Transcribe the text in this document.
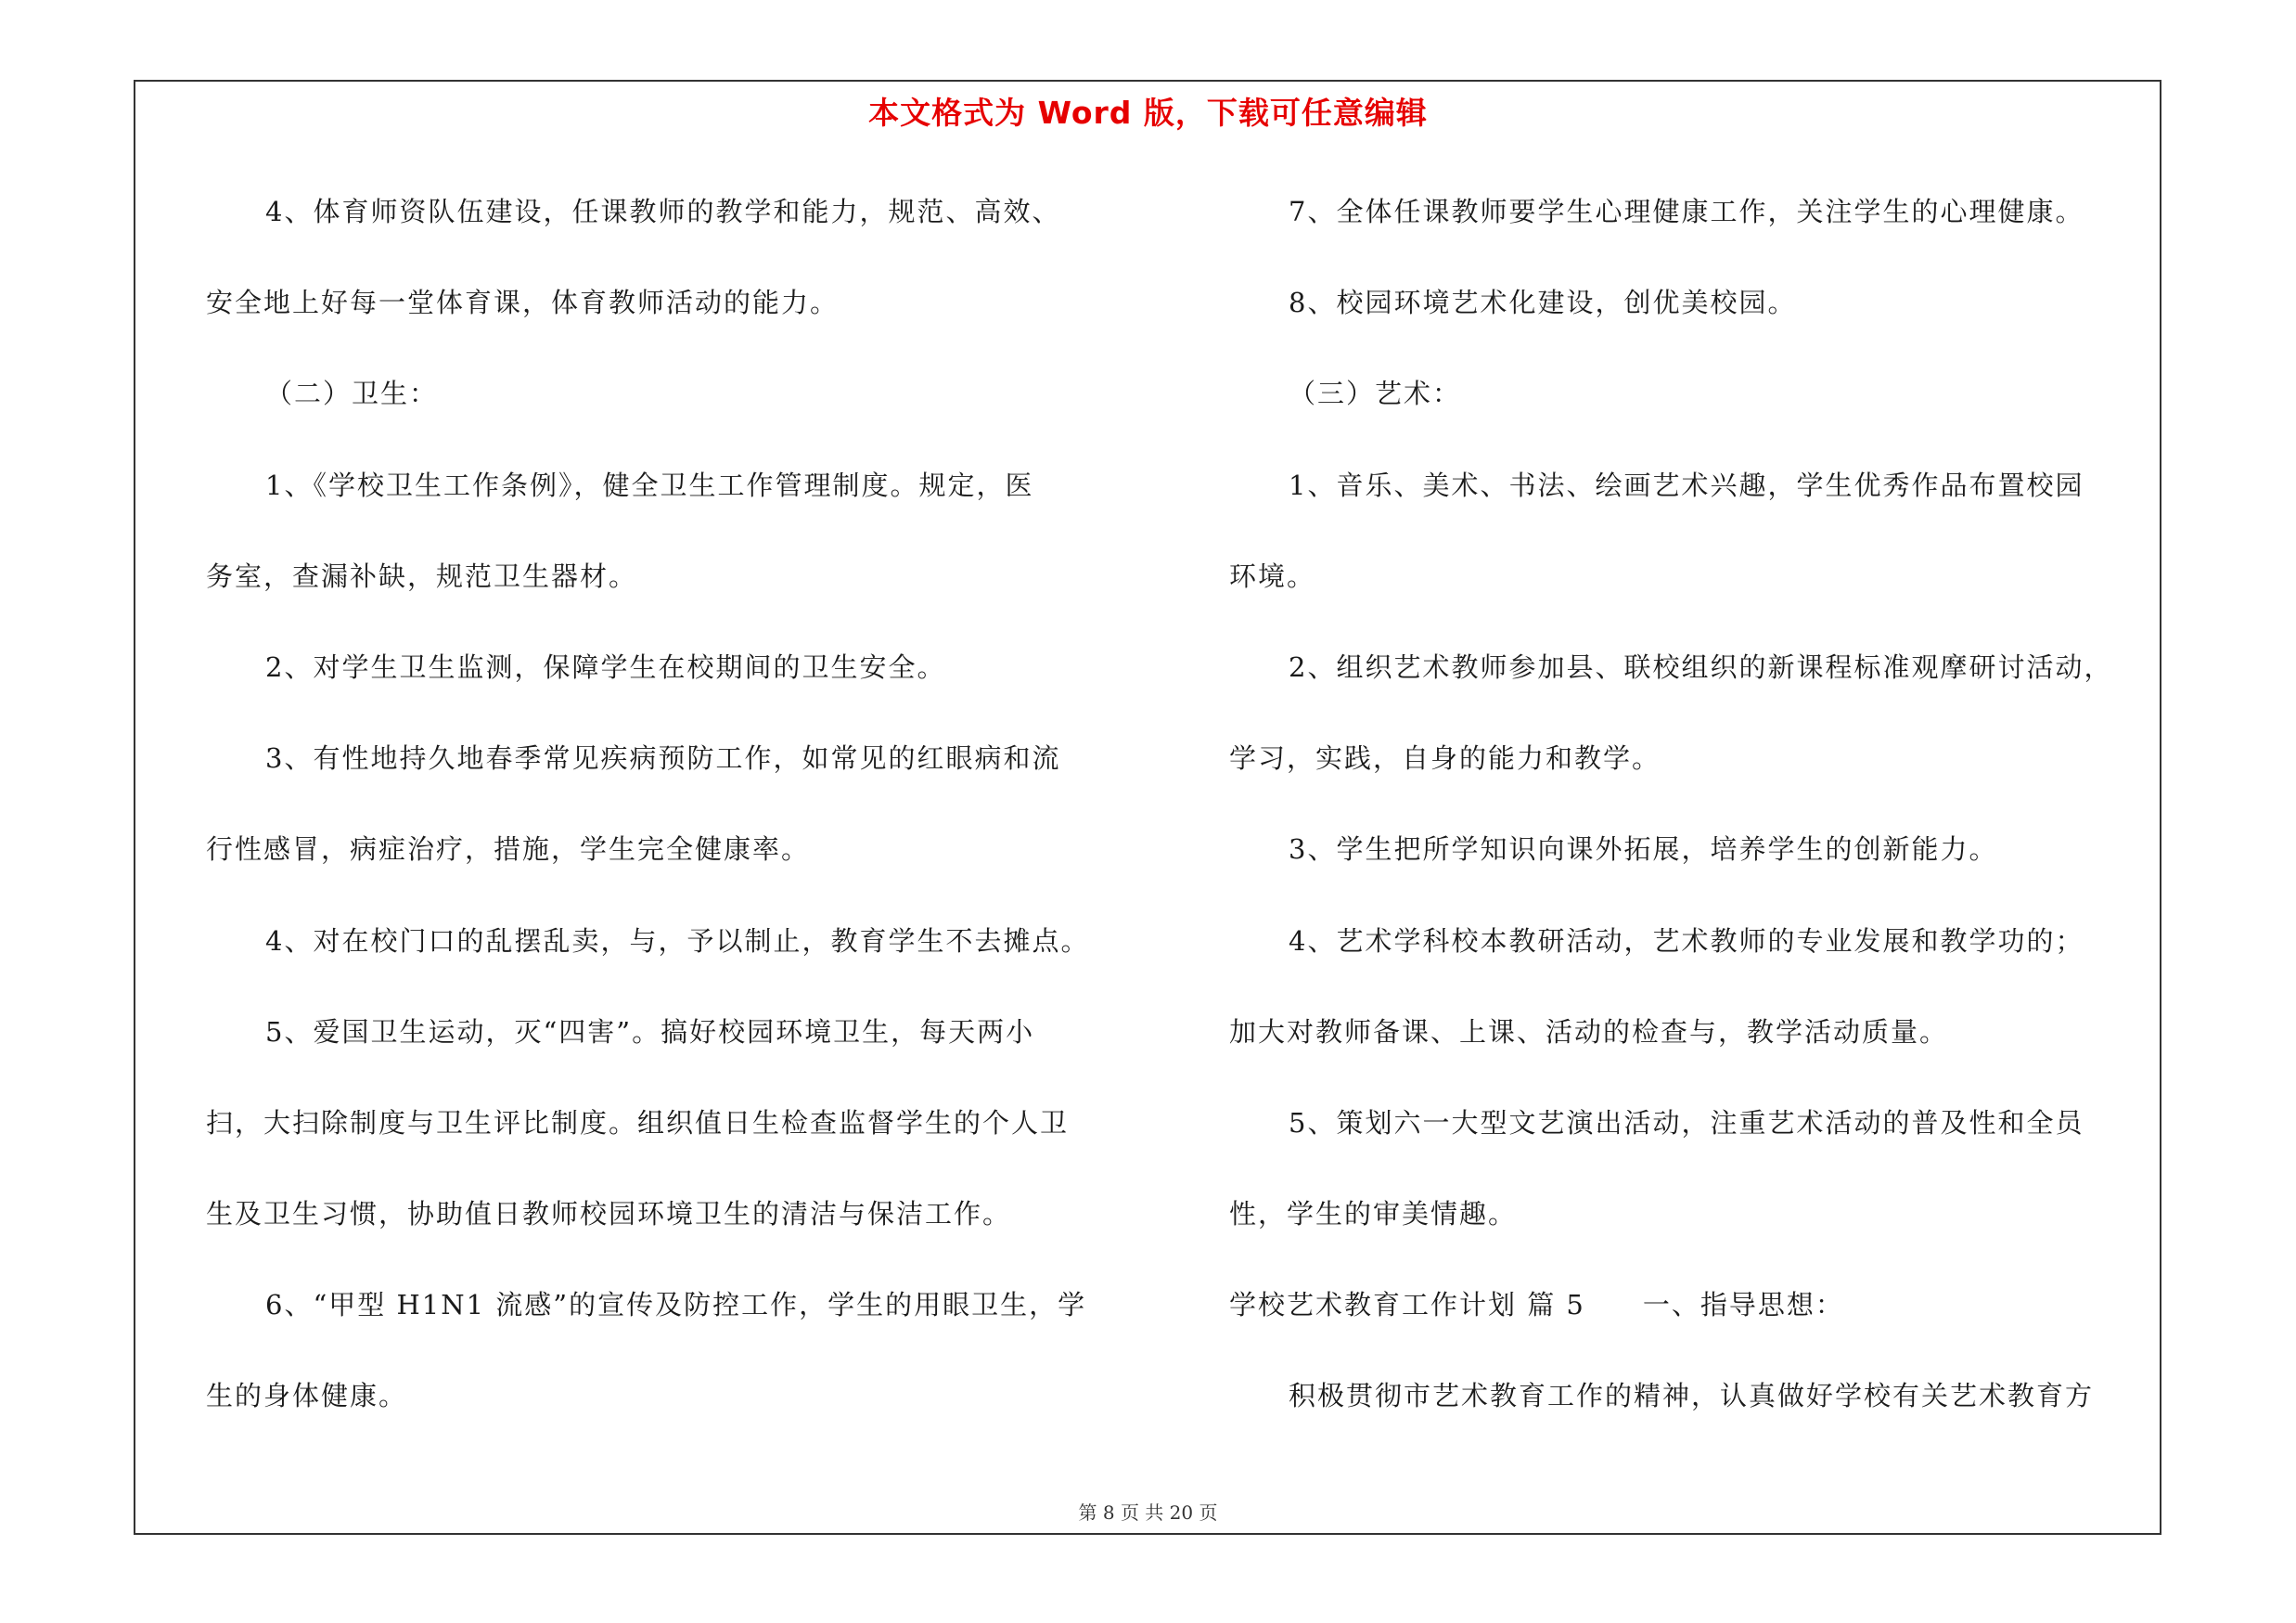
本文格式为 Word 版，下载可任意编辑
4、体育师资队伍建设，任课教师的教学和能力，规范、高效、
安全地上好每一堂体育课，体育教师活动的能力。
（二）卫生：
1、《学校卫生工作条例》，健全卫生工作管理制度。规定，医
务室，查漏补缺，规范卫生器材。
2、对学生卫生监测，保障学生在校期间的卫生安全。
3、有性地持久地春季常见疾病预防工作，如常见的红眼病和流
行性感冒，病症治疗，措施，学生完全健康率。
4、对在校门口的乱摆乱卖，与，予以制止，教育学生不去摊点。
5、爱国卫生运动，灭“四害”。搞好校园环境卫生，每天两小
扫，大扫除制度与卫生评比制度。组织值日生检查监督学生的个人卫
生及卫生习惯，协助值日教师校园环境卫生的清洁与保洁工作。
6、“甲型 H1N1 流感”的宣传及防控工作，学生的用眼卫生，学
生的身体健康。
7、全体任课教师要学生心理健康工作，关注学生的心理健康。
8、校园环境艺术化建设，创优美校园。
（三）艺术：
1、音乐、美术、书法、绘画艺术兴趣，学生优秀作品布置校园
环境。
2、组织艺术教师参加县、联校组织的新课程标准观摩研讨活动，
学习，实践，自身的能力和教学。
3、学生把所学知识向课外拓展，培养学生的创新能力。
4、艺术学科校本教研活动，艺术教师的专业发展和教学功的；
加大对教师备课、上课、活动的检查与，教学活动质量。
5、策划六一大型文艺演出活动，注重艺术活动的普及性和全员
性，学生的审美情趣。
学校艺术教育工作计划 篇 5　　一、指导思想：
积极贯彻市艺术教育工作的精神，认真做好学校有关艺术教育方
第 8 页 共 20 页
